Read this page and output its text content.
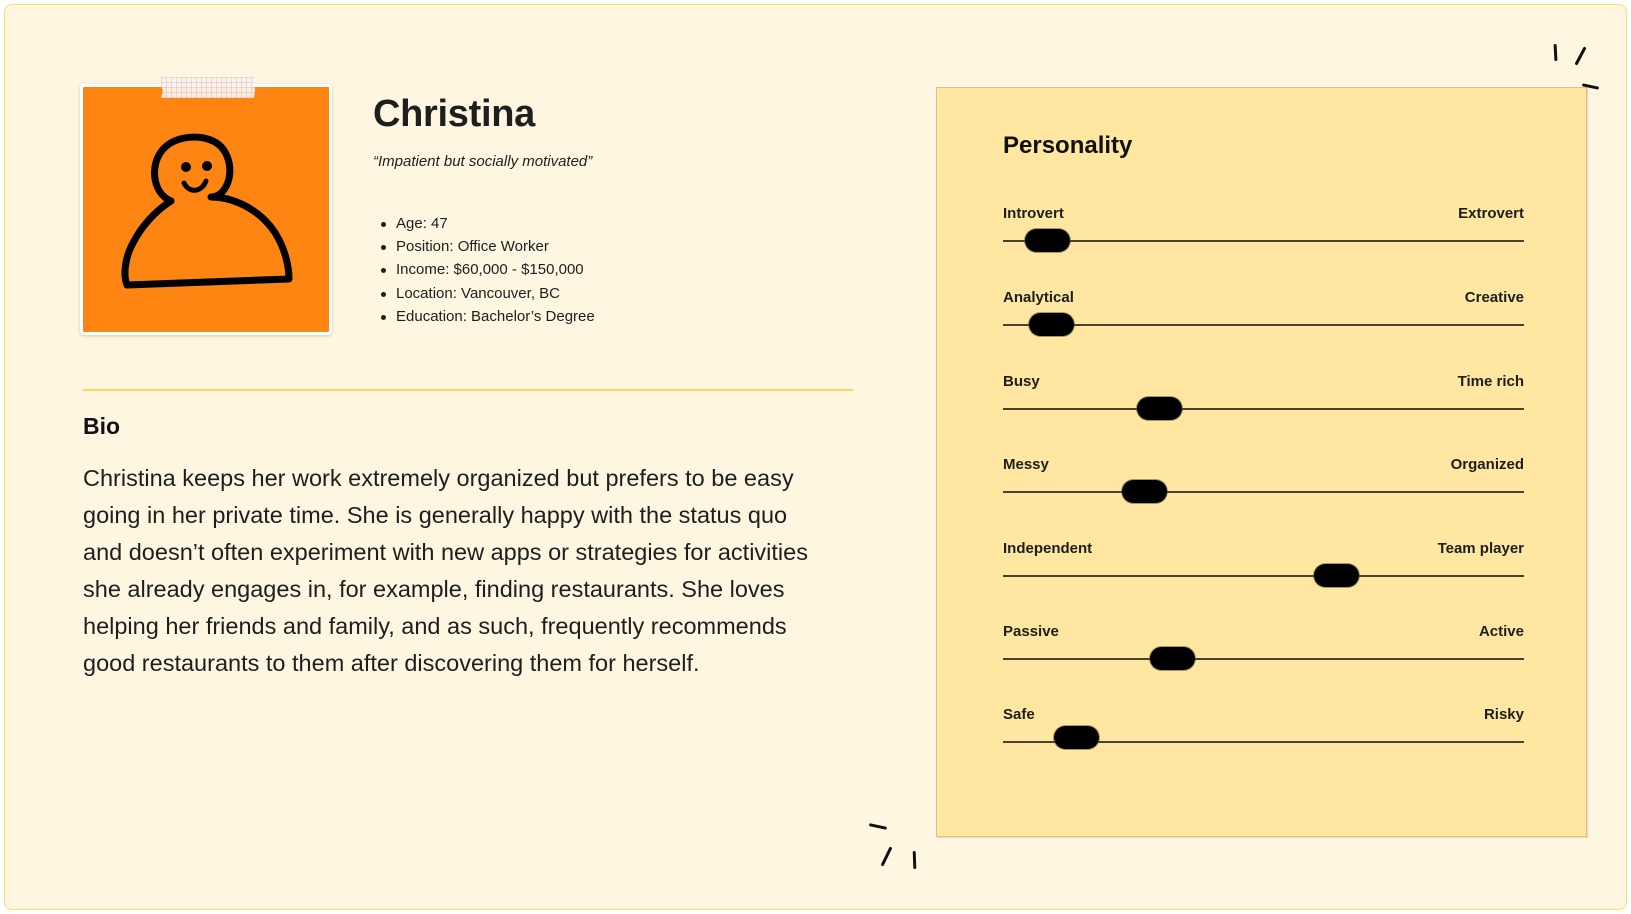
Christina
“Impatient but socially motivated”
Age: 47
Position: Office Worker
Income: $60,000 - $150,000
Location: Vancouver, BC
Education: Bachelor’s Degree
Bio

Christina keeps her work extremely organized but prefers to be easy going in her private time. She is generally happy with the status quo and doesn’t often experiment with new apps or strategies for activities she already engages in, for example, finding restaurants. She loves helping her friends and family, and as such, frequently recommends good restaurants to them after discovering them for herself.

Personality
Introvert	Extrovert
Analytical	Creative
Busy	Time rich
Messy	Organized
Independent	Team player
Passive	Active
Safe	Risky
